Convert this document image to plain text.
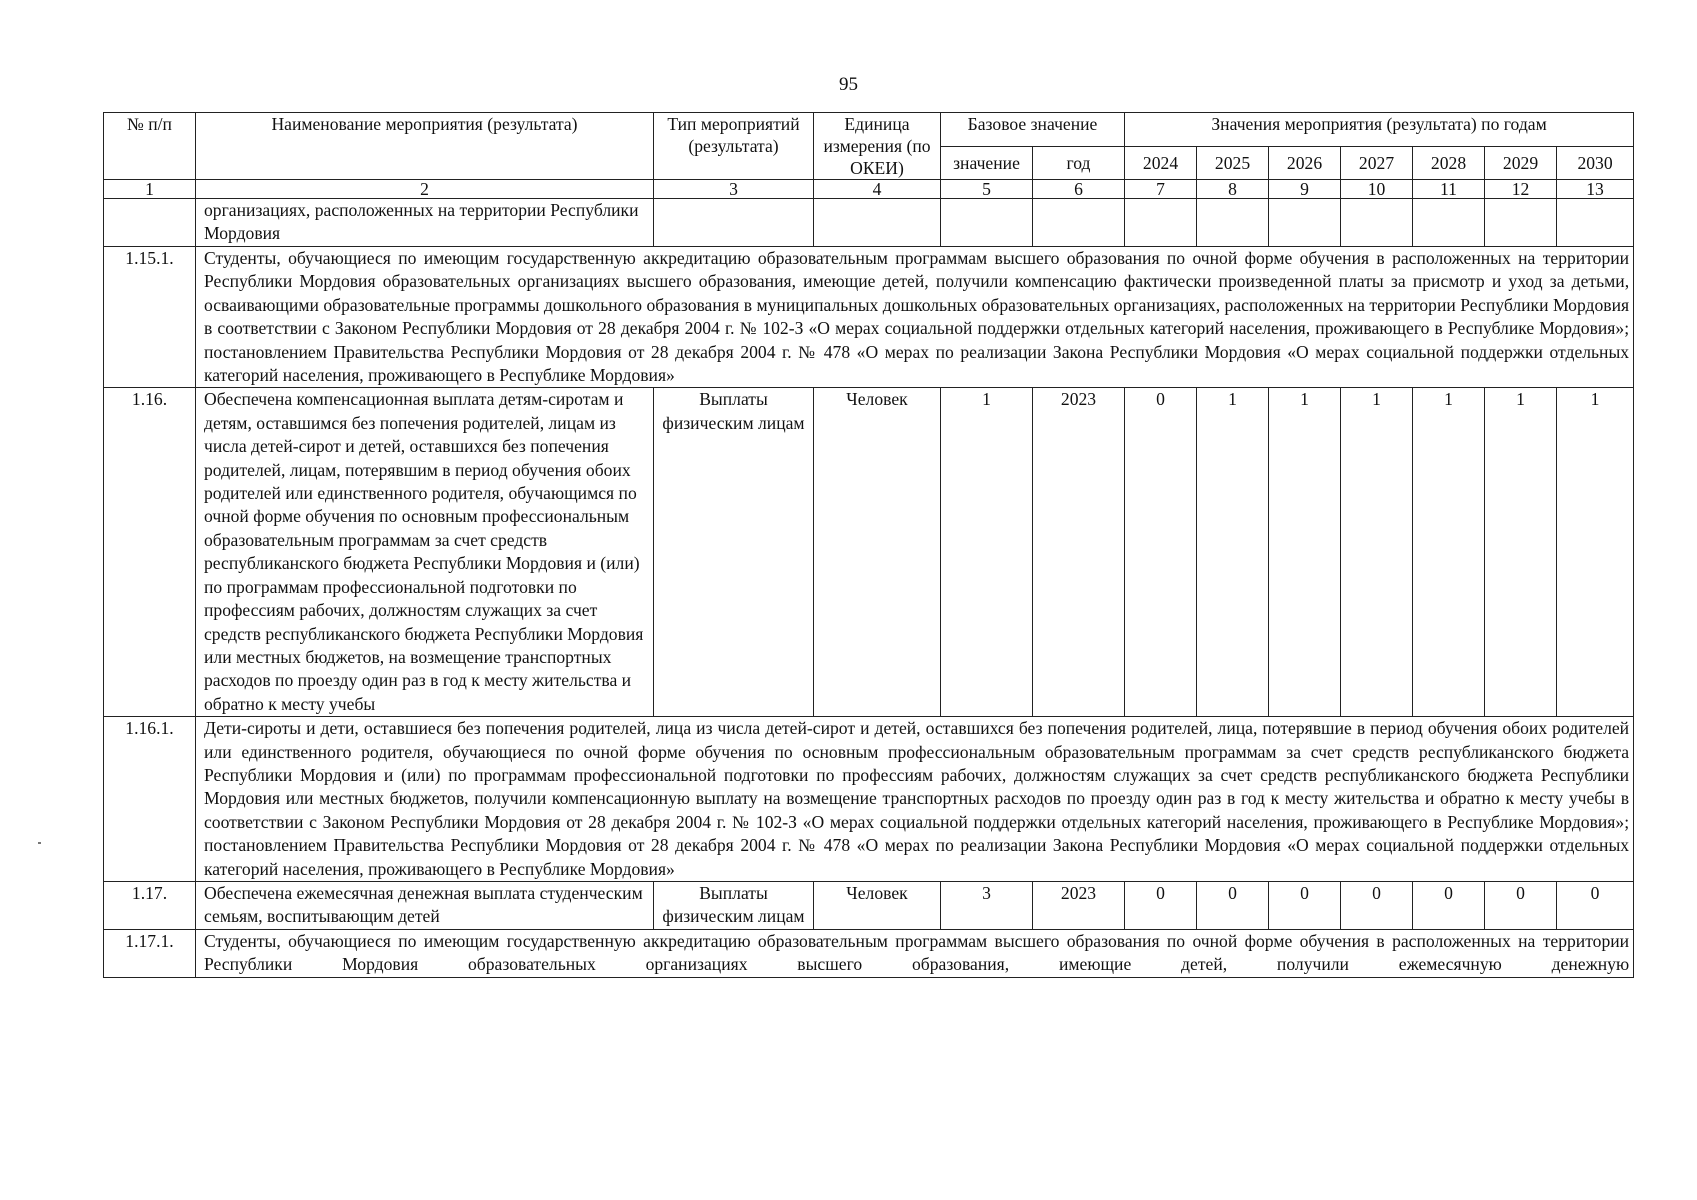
95
№ п/п	Наименование мероприятия (результата)	Тип мероприятий (результата)	Единица измерения (по ОКЕИ)	Базовое значение		Значения мероприятия (результата) по годам						
				значение	год	2024	2025	2026	2027	2028	2029	2030
1	2	3	4	5	6	7	8	9	10	11	12	13
	организациях, расположенных на территории Республики Мордовия											
1.15.1.	Студенты, обучающиеся по имеющим государственную аккредитацию образовательным программам высшего образования по очной форме обучения в расположенных на территории Республики Мордовия образовательных организациях высшего образования, имеющие детей, получили компенсацию фактически произведенной платы за присмотр и уход за детьми, осваивающими образовательные программы дошкольного образования в муниципальных дошкольных образовательных организациях, расположенных на территории Республики Мордовия в соответствии с Законом Республики Мордовия от 28 декабря 2004 г. № 102-З «О мерах социальной поддержки отдельных категорий населения, проживающего в Республике Мордовия»; постановлением Правительства Республики Мордовия от 28 декабря 2004 г. № 478 «О мерах по реализации Закона Республики Мордовия «О мерах социальной поддержки отдельных категорий населения, проживающего в Республике Мордовия»											
1.16.	Обеспечена компенсационная выплата детям-сиротам и детям, оставшимся без попечения родителей, лицам из числа детей-сирот и детей, оставшихся без попечения родителей, лицам, потерявшим в период обучения обоих родителей или единственного родителя, обучающимся по очной форме обучения по основным профессиональным образовательным программам за счет средств республиканского бюджета Республики Мордовия и (или) по программам профессиональной подготовки по профессиям рабочих, должностям служащих за счет средств республиканского бюджета Республики Мордовия или местных бюджетов, на возмещение транспортных расходов по проезду один раз в год к месту жительства и обратно к месту учебы	Выплаты физическим лицам	Человек	1	2023	0	1	1	1	1	1	1
1.16.1.	Дети-сироты и дети, оставшиеся без попечения родителей, лица из числа детей-сирот и детей, оставшихся без попечения родителей, лица, потерявшие в период обучения обоих родителей или единственного родителя, обучающиеся по очной форме обучения по основным профессиональным образовательным программам за счет средств республиканского бюджета Республики Мордовия и (или) по программам профессиональной подготовки по профессиям рабочих, должностям служащих за счет средств республиканского бюджета Республики Мордовия или местных бюджетов, получили компенсационную выплату на возмещение транспортных расходов по проезду один раз в год к месту жительства и обратно к месту учебы в соответствии с Законом Республики Мордовия от 28 декабря 2004 г. № 102-З «О мерах социальной поддержки отдельных категорий населения, проживающего в Республике Мордовия»; постановлением Правительства Республики Мордовия от 28 декабря 2004 г. № 478 «О мерах по реализации Закона Республики Мордовия «О мерах социальной поддержки отдельных категорий населения, проживающего в Республике Мордовия»											
1.17.	Обеспечена ежемесячная денежная выплата студенческим семьям, воспитывающим детей	Выплаты физическим лицам	Человек	3	2023	0	0	0	0	0	0	0
1.17.1.	Студенты, обучающиеся по имеющим государственную аккредитацию образовательным программам высшего образования по очной форме обучения в расположенных на территории Республики Мордовия образовательных организациях высшего образования, имеющие детей, получили ежемесячную денежную											
